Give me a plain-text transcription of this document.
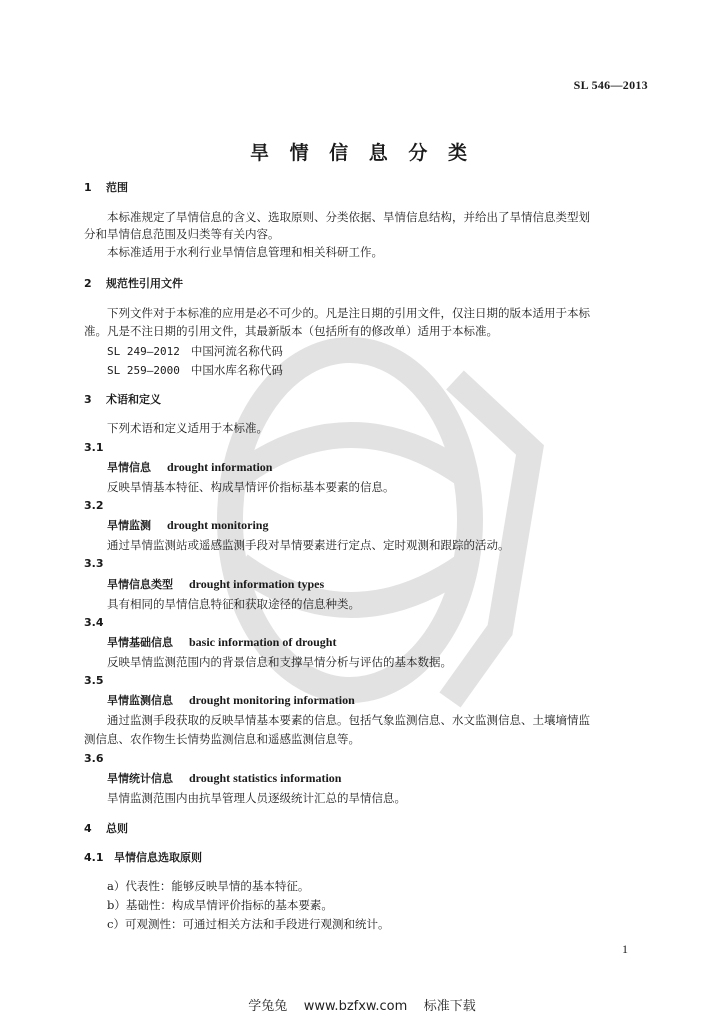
SL 546—2013
旱 情 信 息 分 类
1 范围
本标准规定了旱情信息的含义、选取原则、分类依据、旱情信息结构，并给出了旱情信息类型划
分和旱情信息范围及归类等有关内容。
本标准适用于水利行业旱情信息管理和相关科研工作。
2 规范性引用文件
下列文件对于本标准的应用是必不可少的。凡是注日期的引用文件，仅注日期的版本适用于本标
准。凡是不注日期的引用文件，其最新版本（包括所有的修改单）适用于本标准。
SL 249—2012 中国河流名称代码
SL 259—2000 中国水库名称代码
3 术语和定义
下列术语和定义适用于本标准。
3.1
旱情信息 drought information
反映旱情基本特征、构成旱情评价指标基本要素的信息。
3.2
旱情监测 drought monitoring
通过旱情监测站或遥感监测手段对旱情要素进行定点、定时观测和跟踪的活动。
3.3
旱情信息类型 drought information types
具有相同的旱情信息特征和获取途径的信息种类。
3.4
旱情基础信息 basic information of drought
反映旱情监测范围内的背景信息和支撑旱情分析与评估的基本数据。
3.5
旱情监测信息 drought monitoring information
通过监测手段获取的反映旱情基本要素的信息。包括气象监测信息、水文监测信息、土壤墒情监
测信息、农作物生长情势监测信息和遥感监测信息等。
3.6
旱情统计信息 drought statistics information
旱情监测范围内由抗旱管理人员逐级统计汇总的旱情信息。
4 总则
4.1 旱情信息选取原则
a）代表性：能够反映旱情的基本特征。
b）基础性：构成旱情评价指标的基本要素。
c）可观测性：可通过相关方法和手段进行观测和统计。
1
学兔兔    www.bzfxw.com    标准下载
